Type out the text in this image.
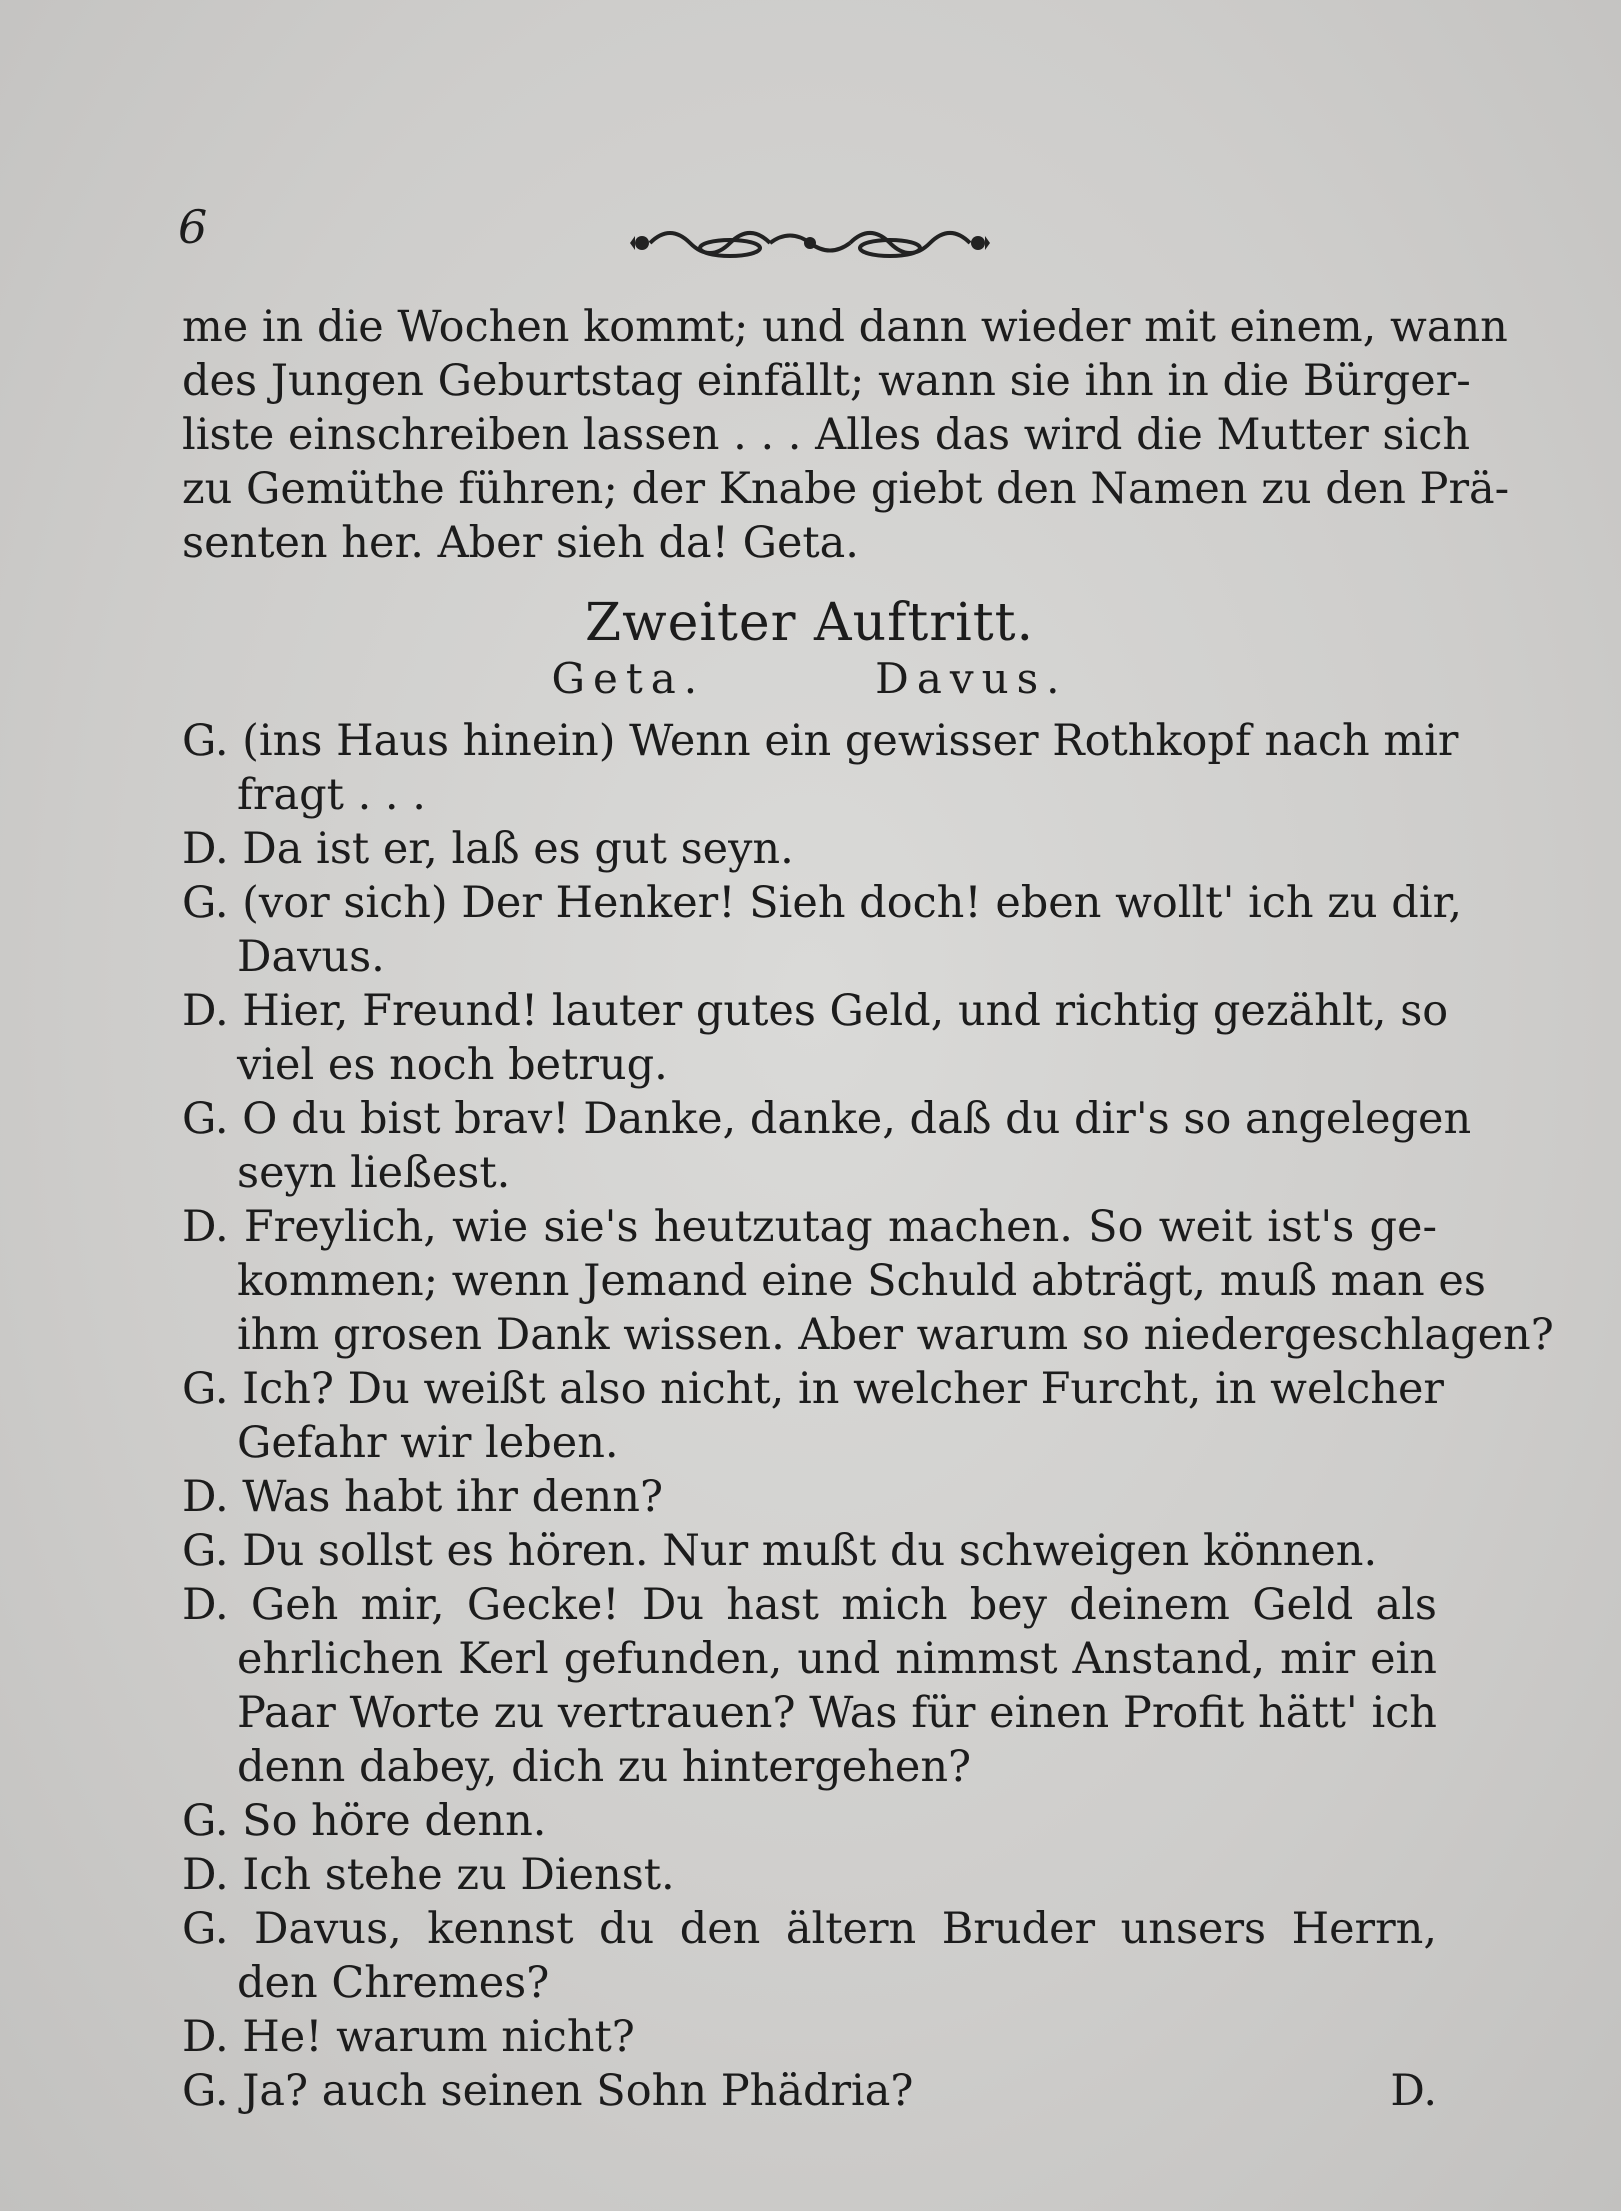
6
me in die Wochen kommt; und dann wieder mit einem, wann
des Jungen Geburtstag einfällt; wann sie ihn in die Bürger-
liste einschreiben lassen . . . Alles das wird die Mutter sich
zu Gemüthe führen; der Knabe giebt den Namen zu den Prä-
senten her. Aber sieh da! Geta.
Zweiter Auftritt.
Geta.	Davus.
G. (ins Haus hinein) Wenn ein gewisser Rothkopf nach mir
fragt . . .
D. Da ist er, laß es gut seyn.
G. (vor sich) Der Henker! Sieh doch! eben wollt' ich zu dir,
Davus.
D. Hier, Freund! lauter gutes Geld, und richtig gezählt, so
viel es noch betrug.
G. O du bist brav! Danke, danke, daß du dir's so angelegen
seyn ließest.
D. Freylich, wie sie's heutzutag machen. So weit ist's ge-
kommen; wenn Jemand eine Schuld abträgt, muß man es
ihm grosen Dank wissen. Aber warum so niedergeschlagen?
G. Ich? Du weißt also nicht, in welcher Furcht, in welcher
Gefahr wir leben.
D. Was habt ihr denn?
G. Du sollst es hören. Nur mußt du schweigen können.
D. Geh mir, Gecke! Du hast mich bey deinem Geld als
ehrlichen Kerl gefunden, und nimmst Anstand, mir ein
Paar Worte zu vertrauen? Was für einen Profit hätt' ich
denn dabey, dich zu hintergehen?
G. So höre denn.
D. Ich stehe zu Dienst.
G. Davus, kennst du den ältern Bruder unsers Herrn,
den Chremes?
D. He! warum nicht?
G. Ja? auch seinen Sohn Phädria?	D.
